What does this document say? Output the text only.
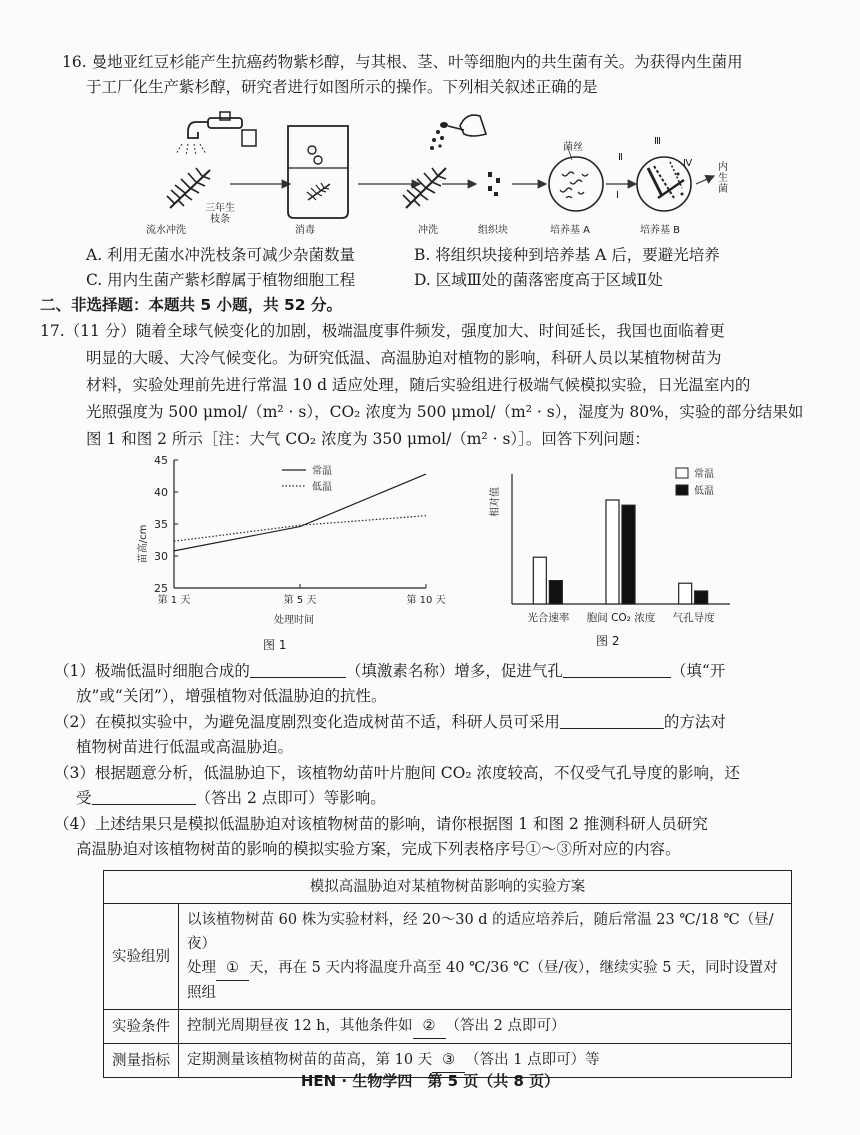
16. 曼地亚红豆杉能产生抗癌药物紫杉醇，与其根、茎、叶等细胞内的共生菌有关。为获得内生菌用
于工厂化生产紫杉醇，研究者进行如图所示的操作。下列相关叙述正确的是
流水冲洗
三年生
枝条
消毒	冲洗	组织块	培养基 A	培养基 B
菌丝
内
生
菌
Ⅰ
Ⅱ
Ⅲ
Ⅳ
A. 利用无菌水冲洗枝条可减少杂菌数量	B. 将组织块接种到培养基 A 后，要避光培养
C. 用内生菌产紫杉醇属于植物细胞工程	D. 区域Ⅲ处的菌落密度高于区域Ⅱ处
二、非选择题：本题共 5 小题，共 52 分。
17.（11 分）随着全球气候变化的加剧，极端温度事件频发，强度加大、时间延长，我国也面临着更
明显的大暖、大冷气候变化。为研究低温、高温胁迫对植物的影响，科研人员以某植物树苗为
材料，实验处理前先进行常温 10 d 适应处理，随后实验组进行极端气候模拟实验，日光温室内的
光照强度为 500 μmol/（m² · s），CO₂ 浓度为 500 μmol/（m² · s），湿度为 80%，实验的部分结果如
图 1 和图 2 所示［注：大气 CO₂ 浓度为 350 μmol/（m² · s）］。回答下列问题：
苗高/cm
处理时间
25
30
35
40
45
第 1 天	第 5 天	第 10 天
常温
低温
图 1
相对值
光合速率 胞间 CO₂ 浓度 气孔导度
常温
低温
图 2
（1）极端低温时细胞合成的	（填激素名称）增多，促进气孔	（填“开
放”或“关闭”），增强植物对低温胁迫的抗性。
（2）在模拟实验中，为避免温度剧烈变化造成树苗不适，科研人员可采用	的方法对
植物树苗进行低温或高温胁迫。
（3）根据题意分析，低温胁迫下，该植物幼苗叶片胞间 CO₂ 浓度较高，不仅受气孔导度的影响，还
受	（答出 2 点即可）等影响。
（4）上述结果只是模拟低温胁迫对该植物树苗的影响，请你根据图 1 和图 2 推测科研人员研究
高温胁迫对该植物树苗的影响的模拟实验方案，完成下列表格序号①～③所对应的内容。
模拟高温胁迫对某植物树苗影响的实验方案	
实验组别	以该植物树苗 60 株为实验材料，经 20～30 d 的适应培养后，随后常温 23 ℃/18 ℃（昼/夜）
处理 ① 天，再在 5 天内将温度升高至 40 ℃/36 ℃（昼/夜），继续实验 5 天，同时设置对
照组

实验条件	控制光周期昼夜 12 h，其他条件如 ② （答出 2 点即可）
测量指标	定期测量该植物树苗的苗高，第 10 天 ③ （答出 1 点即可）等
HEN · 生物学四　第 5 页（共 8 页）
